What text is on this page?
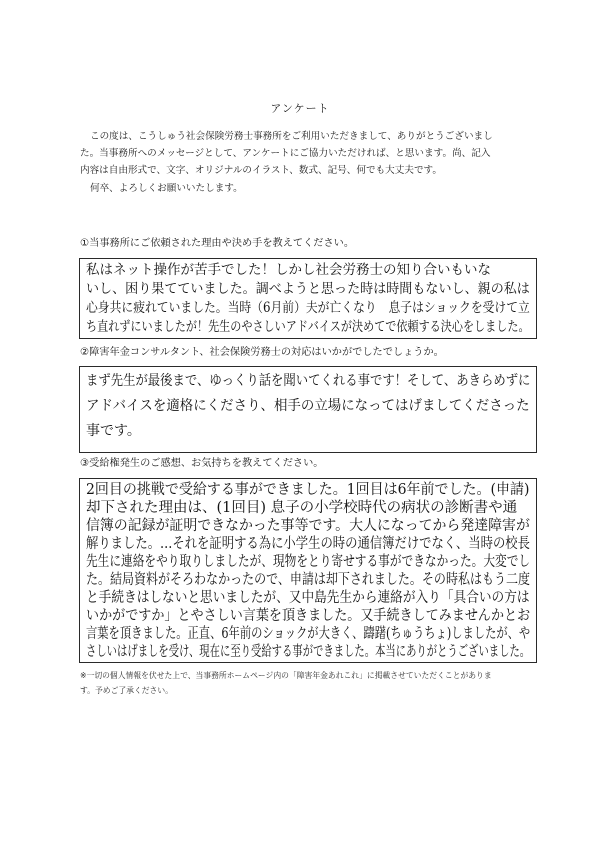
アンケート

この度は、こうしゅう社会保険労務士事務所をご利用いただきまして、ありがとうございまし

た。当事務所へのメッセージとして、アンケートにご協力いただければ、と思います。尚、記入

内容は自由形式で、文字、オリジナルのイラスト、数式、記号、何でも大丈夫です。

何卒、よろしくお願いいたします。

①当事務所にご依頼された理由や決め手を教えてください。
私はネット操作が苦手でした！しかし社会労務士の知り合いもいな
いし、困り果てていました。調べようと思った時は時間もないし、親の私は
心身共に疲れていました。当時（6月前）夫が亡くなり　息子はショックを受けて立
ち直れずにいましたが！先生のやさしいアドバイスが決めてで依頼する決心をしました。
②障害年金コンサルタント、社会保険労務士の対応はいかがでしたでしょうか。
まず先生が最後まで、ゆっくり話を聞いてくれる事です！そして、あきらめずに
アドバイスを適格にくださり、相手の立場になってはげましてくださった
事です。
③受給権発生のご感想、お気持ちを教えてください。
2回目の挑戦で受給する事ができました。1回目は6年前でした。(申請)
却下された理由は、(1回目) 息子の小学校時代の病状の診断書や通
信簿の記録が証明できなかった事等です。大人になってから発達障害が
解りました。…それを証明する為に小学生の時の通信簿だけでなく、当時の校長
先生に連絡をやり取りしましたが、現物をとり寄せする事ができなかった。大変でし
た。結局資料がそろわなかったので、申請は却下されました。その時私はもう二度
と手続きはしないと思いましたが、又中島先生から連絡が入り「具合いの方は
いかがですか」とやさしい言葉を頂きました。又手続きしてみませんかとお
言葉を頂きました。正直、6年前のショックが大きく、躊躇(ちゅうちょ)しましたが、や
さしいはげましを受け、現在に至り受給する事ができました。本当にありがとうございました。

※一切の個人情報を伏せた上で、当事務所ホームページ内の「障害年金あれこれ」に掲載させていただくことがありま

す。予めご了承ください。
